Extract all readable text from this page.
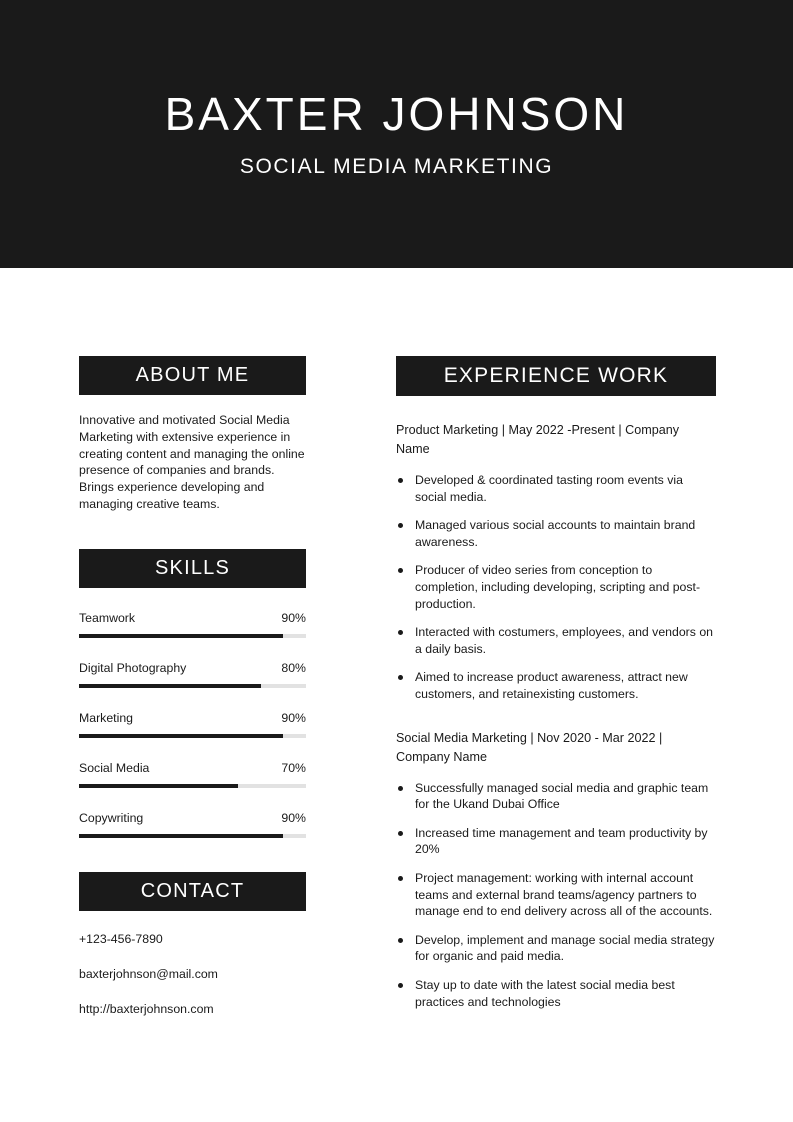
BAXTER JOHNSON
SOCIAL MEDIA MARKETING
ABOUT ME

Innovative and motivated Social Media Marketing with extensive experience in creating content and managing the online presence of companies and brands. Brings experience developing and managing creative teams.

SKILLS
Teamwork	90%
Digital Photography	80%
Marketing	90%
Social Media	70%
Copywriting	90%
CONTACT
+123-456-7890
baxterjohnson@mail.com
http://baxterjohnson.com
EXPERIENCE WORK

Product Marketing | May 2022 -Present | Company Name

Developed & coordinated tasting room events via social media.
Managed various social accounts to maintain brand awareness.
Producer of video series from conception to completion, including developing, scripting and post-production.
Interacted with costumers, employees, and vendors on a daily basis.
Aimed to increase product awareness, attract new customers, and retainexisting customers.

Social Media Marketing | Nov 2020 - Mar 2022 | Company Name

Successfully managed social media and graphic team for the Ukand Dubai Office
Increased time management and team productivity by 20%
Project management: working with internal account teams and external brand teams/agency partners to manage end to end delivery across all of the accounts.
Develop, implement and manage social media strategy for organic and paid media.
Stay up to date with the latest social media best practices and technologies
